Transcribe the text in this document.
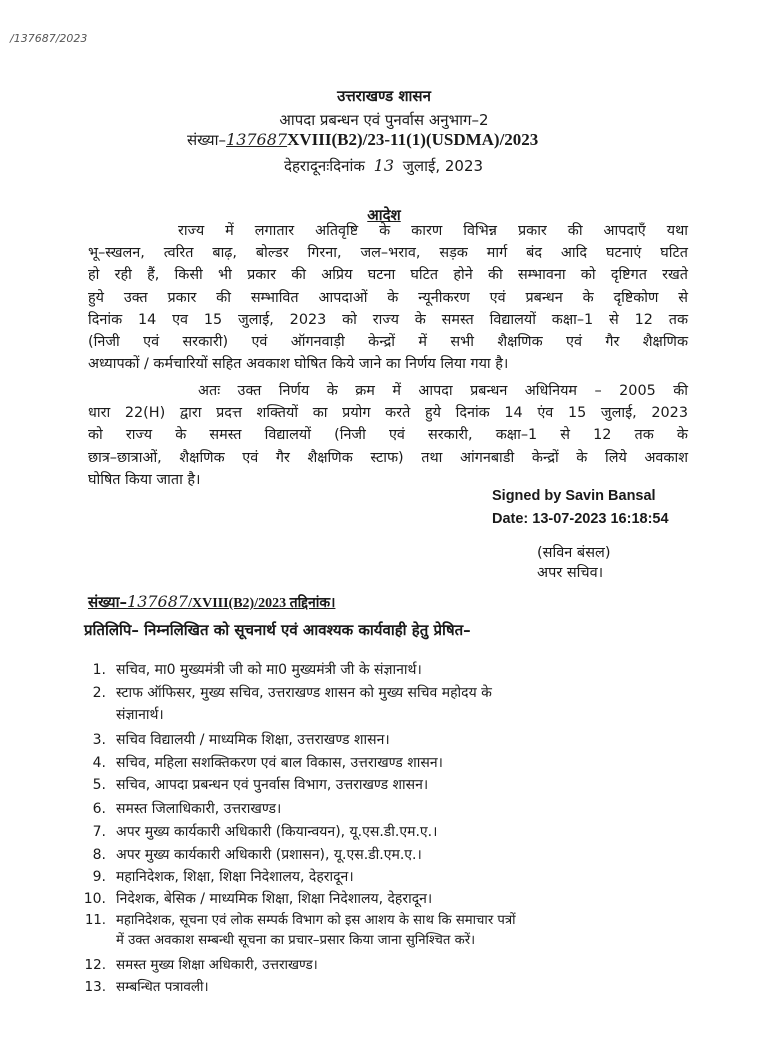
/137687/2023
उत्तराखण्ड शासन
आपदा प्रबन्धन एवं पुनर्वास अनुभाग–2
संख्या–137687XVIII(B2)/23-11(1)(USDMA)/2023
देहरादूनःदिनांक 13 जुलाई, 2023
आदेश
राज्य में लगातार अतिवृष्टि के कारण विभिन्न प्रकार की आपदाएँ यथा
भू–स्खलन, त्वरित बाढ़, बोल्डर गिरना, जल–भराव, सड़क मार्ग बंद आदि घटनाएं घटित
हो रही हैं, किसी भी प्रकार की अप्रिय घटना घटित होने की सम्भावना को दृष्टिगत रखते
हुये उक्त प्रकार की सम्भावित आपदाओं के न्यूनीकरण एवं प्रबन्धन के दृष्टिकोण से
दिनांक 14 एव 15 जुलाई, 2023 को राज्य के समस्त विद्यालयों कक्षा–1 से 12 तक
(निजी एवं सरकारी) एवं ऑगनवाड़ी केन्द्रों में सभी शैक्षणिक एवं गैर शैक्षणिक
अध्यापकों / कर्मचारियों सहित अवकाश घोषित किये जाने का निर्णय लिया गया है।
अतः उक्त निर्णय के क्रम में आपदा प्रबन्धन अधिनियम – 2005 की
धारा 22(H) द्वारा प्रदत्त शक्तियों का प्रयोग करते हुये दिनांक 14 एंव 15 जुलाई, 2023
को राज्य के समस्त विद्यालयों (निजी एवं सरकारी, कक्षा–1 से 12 तक के
छात्र–छात्राओं, शैक्षणिक एवं गैर शैक्षणिक स्टाफ) तथा आंगनबाडी केन्द्रों के लिये अवकाश
घोषित किया जाता है।
Signed by Savin Bansal
Date: 13-07-2023 16:18:54
(सविन बंसल)
अपर सचिव।
संख्या–137687/XVIII(B2)/2023 तद्दिनांक।
प्रतिलिपि– निम्नलिखित को सूचनार्थ एवं आवश्यक कार्यवाही हेतु प्रेषित–
1. सचिव, मा0 मुख्यमंत्री जी को मा0 मुख्यमंत्री जी के संज्ञानार्थ।
2. स्टाफ ऑफिसर, मुख्य सचिव, उत्तराखण्ड शासन को मुख्य सचिव महोदय के
संज्ञानार्थ।
3. सचिव विद्यालयी / माध्यमिक शिक्षा, उत्तराखण्ड शासन।
4. सचिव, महिला सशक्तिकरण एवं बाल विकास, उत्तराखण्ड शासन।
5. सचिव, आपदा प्रबन्धन एवं पुनर्वास विभाग, उत्तराखण्ड शासन।
6. समस्त जिलाधिकारी, उत्तराखण्ड।
7. अपर मुख्य कार्यकारी अधिकारी (कियान्वयन), यू.एस.डी.एम.ए.।
8. अपर मुख्य कार्यकारी अधिकारी (प्रशासन), यू.एस.डी.एम.ए.।
9. महानिदेशक, शिक्षा, शिक्षा निदेशालय, देहरादून।
10. निदेशक, बेसिक / माध्यमिक शिक्षा, शिक्षा निदेशालय, देहरादून।
11. महानिदेशक, सूचना एवं लोक सम्पर्क विभाग को इस आशय के साथ कि समाचार पत्रों
में उक्त अवकाश सम्बन्धी सूचना का प्रचार–प्रसार किया जाना सुनिश्चित करें।
12. समस्त मुख्य शिक्षा अधिकारी, उत्तराखण्ड।
13. सम्बन्धित पत्रावली।
